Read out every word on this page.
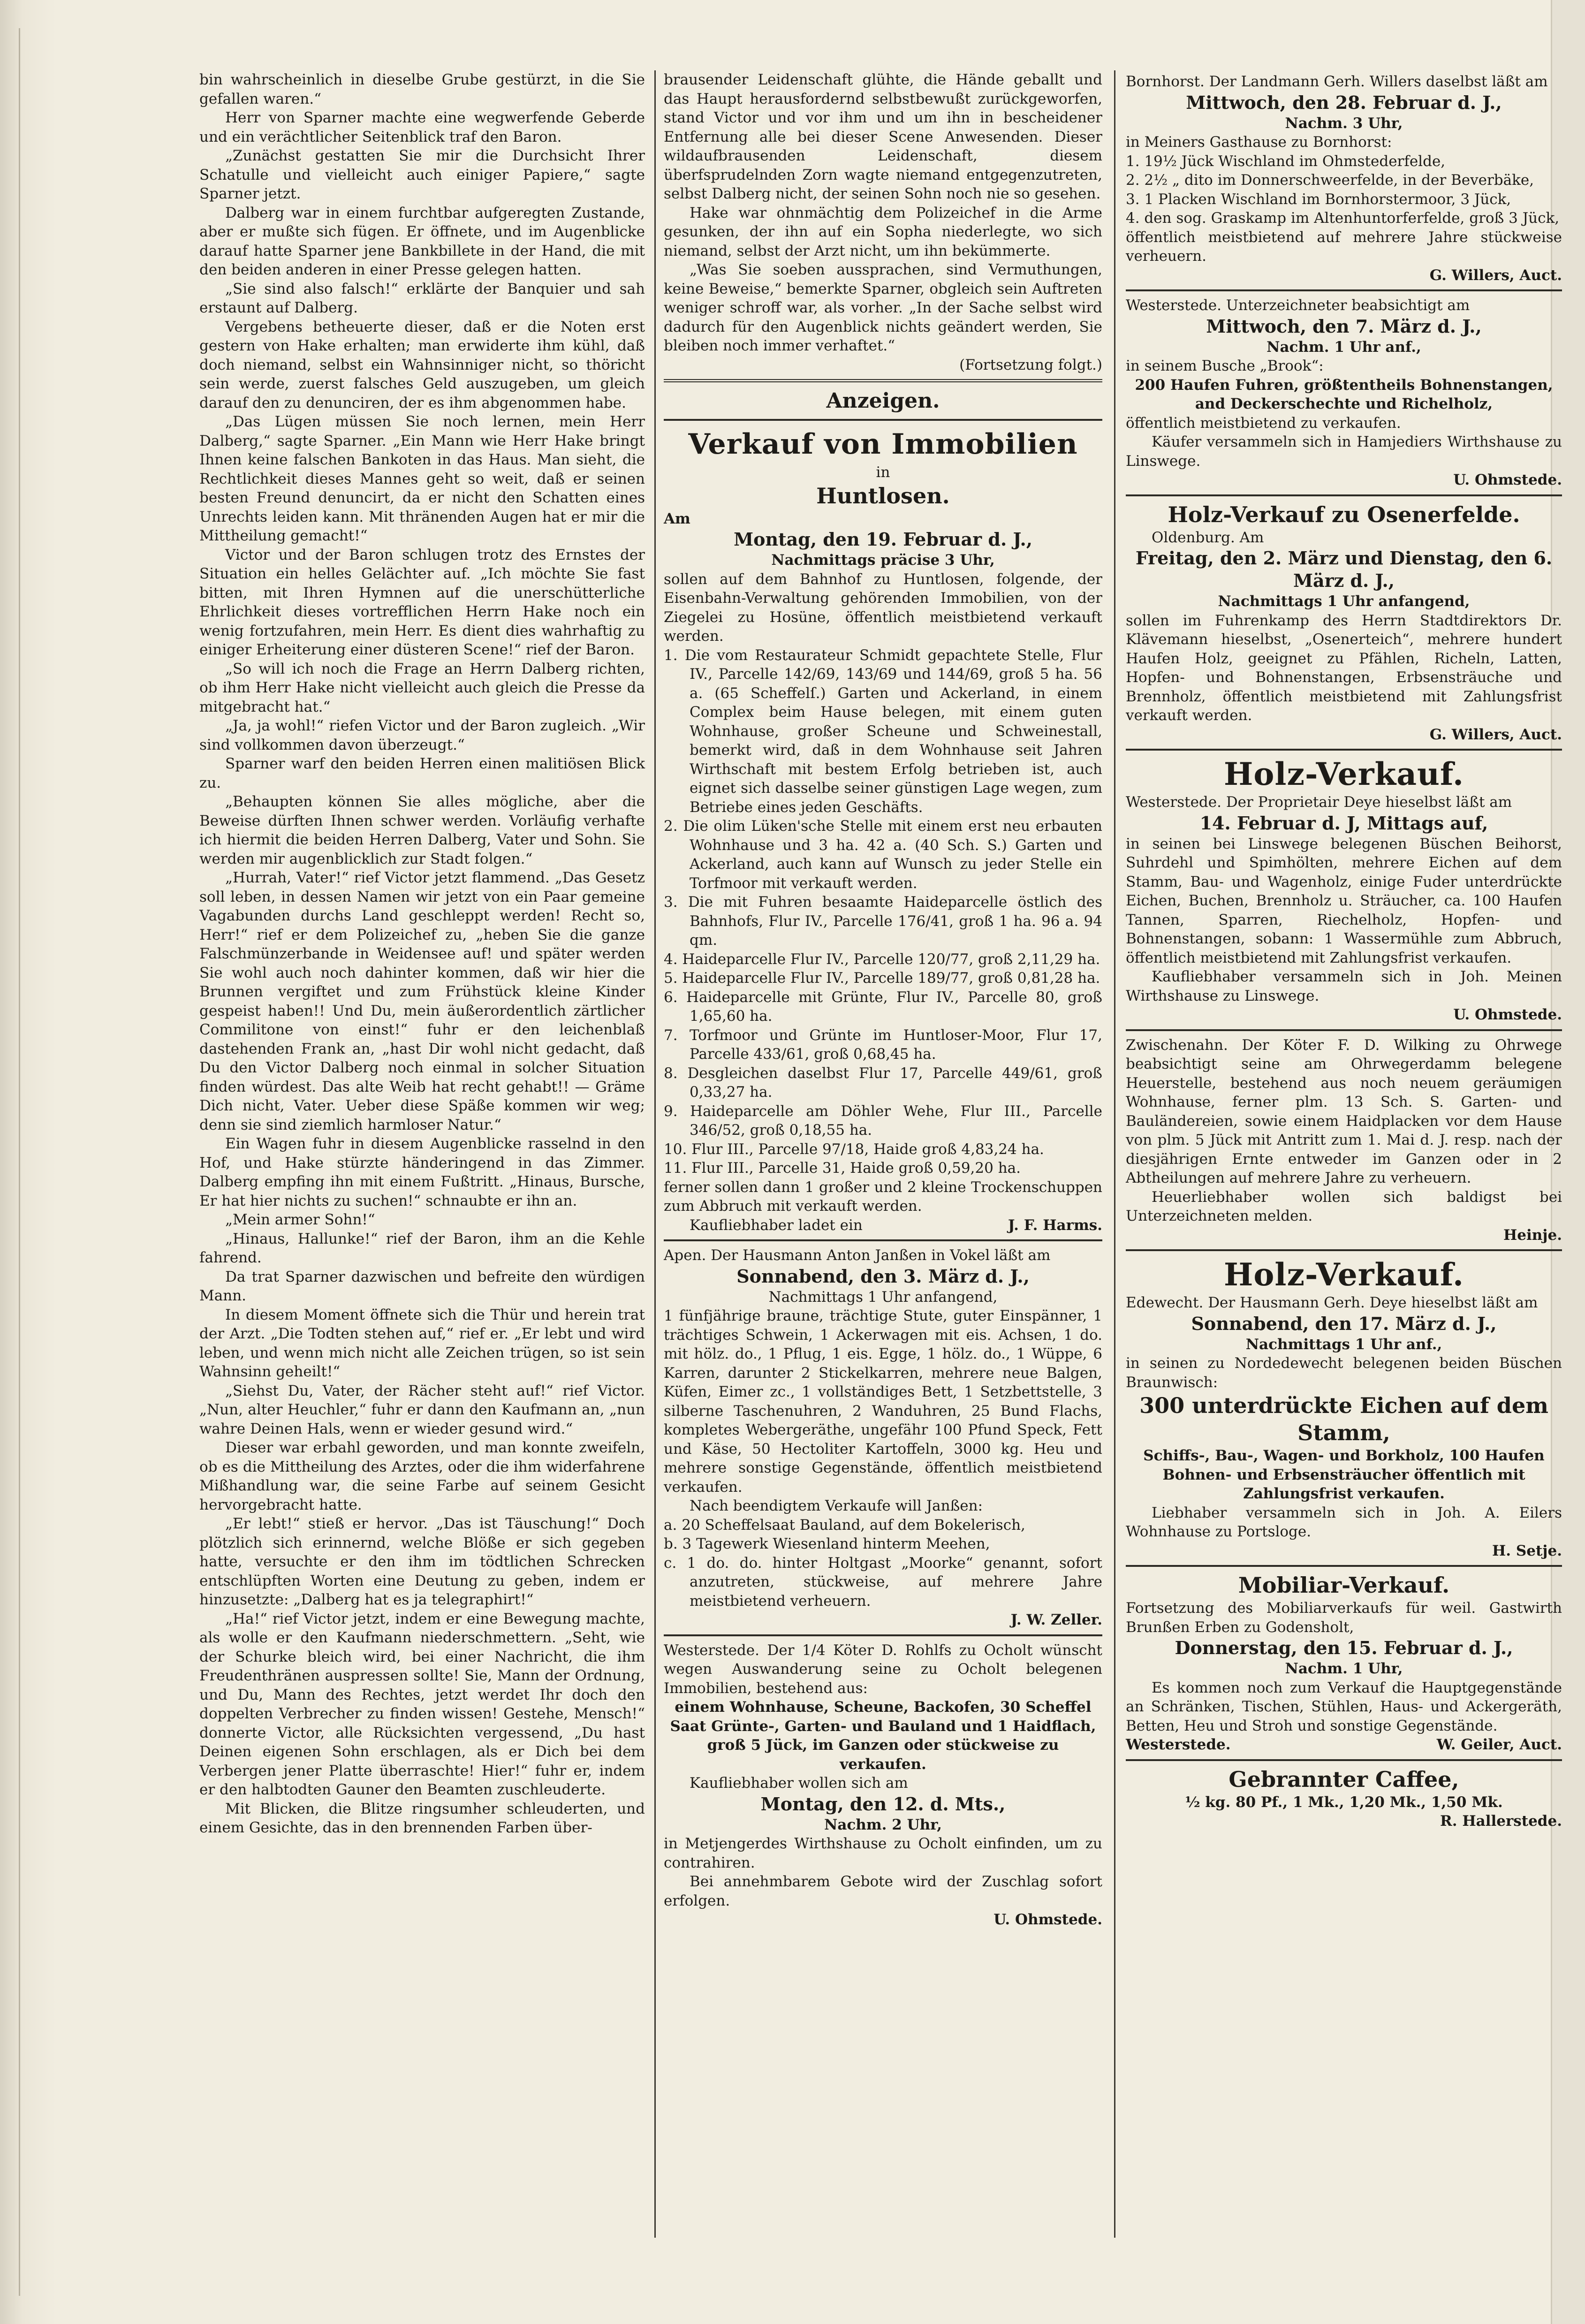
bin wahrscheinlich in dieselbe Grube gestürzt, in die Sie gefallen waren.“

Herr von Sparner machte eine wegwerfende Geberde und ein verächtlicher Seitenblick traf den Baron.

„Zunächst gestatten Sie mir die Durchsicht Ihrer Schatulle und vielleicht auch einiger Papiere,“ sagte Sparner jetzt.

Dalberg war in einem furchtbar aufgeregten Zustande, aber er mußte sich fügen. Er öffnete, und im Augenblicke darauf hatte Sparner jene Bankbillete in der Hand, die mit den beiden anderen in einer Presse gelegen hatten.

„Sie sind also falsch!“ erklärte der Banquier und sah erstaunt auf Dalberg.

Vergebens betheuerte dieser, daß er die Noten erst gestern von Hake erhalten; man erwiderte ihm kühl, daß doch niemand, selbst ein Wahnsinniger nicht, so thöricht sein werde, zuerst falsches Geld auszugeben, um gleich darauf den zu denunciren, der es ihm abgenommen habe.

„Das Lügen müssen Sie noch lernen, mein Herr Dalberg,“ sagte Sparner. „Ein Mann wie Herr Hake bringt Ihnen keine falschen Bankoten in das Haus. Man sieht, die Rechtlichkeit dieses Mannes geht so weit, daß er seinen besten Freund denuncirt, da er nicht den Schatten eines Unrechts leiden kann. Mit thränenden Augen hat er mir die Mittheilung gemacht!“

Victor und der Baron schlugen trotz des Ernstes der Situation ein helles Gelächter auf. „Ich möchte Sie fast bitten, mit Ihren Hymnen auf die unerschütterliche Ehrlichkeit dieses vortrefflichen Herrn Hake noch ein wenig fortzufahren, mein Herr. Es dient dies wahrhaftig zu einiger Erheiterung einer düsteren Scene!“ rief der Baron.

„So will ich noch die Frage an Herrn Dalberg richten, ob ihm Herr Hake nicht vielleicht auch gleich die Presse da mitgebracht hat.“

„Ja, ja wohl!“ riefen Victor und der Baron zugleich. „Wir sind vollkommen davon überzeugt.“

Sparner warf den beiden Herren einen malitiösen Blick zu.

„Behaupten können Sie alles mögliche, aber die Beweise dürften Ihnen schwer werden. Vorläufig verhafte ich hiermit die beiden Herren Dalberg, Vater und Sohn. Sie werden mir augenblicklich zur Stadt folgen.“

„Hurrah, Vater!“ rief Victor jetzt flammend. „Das Gesetz soll leben, in dessen Namen wir jetzt von ein Paar gemeine Vagabunden durchs Land geschleppt werden! Recht so, Herr!“ rief er dem Polizeichef zu, „heben Sie die ganze Falschmünzerbande in Weidensee auf! und später werden Sie wohl auch noch dahinter kommen, daß wir hier die Brunnen vergiftet und zum Frühstück kleine Kinder gespeist haben!! Und Du, mein äußerordentlich zärtlicher Commilitone von einst!“ fuhr er den leichenblaß dastehenden Frank an, „hast Dir wohl nicht gedacht, daß Du den Victor Dalberg noch einmal in solcher Situation finden würdest. Das alte Weib hat recht gehabt!! — Gräme Dich nicht, Vater. Ueber diese Späße kommen wir weg; denn sie sind ziemlich harmloser Natur.“

Ein Wagen fuhr in diesem Augenblicke rasselnd in den Hof, und Hake stürzte händeringend in das Zimmer. Dalberg empfing ihn mit einem Fußtritt. „Hinaus, Bursche, Er hat hier nichts zu suchen!“ schnaubte er ihn an.

„Mein armer Sohn!“

„Hinaus, Hallunke!“ rief der Baron, ihm an die Kehle fahrend.

Da trat Sparner dazwischen und befreite den würdigen Mann.

In diesem Moment öffnete sich die Thür und herein trat der Arzt. „Die Todten stehen auf,“ rief er. „Er lebt und wird leben, und wenn mich nicht alle Zeichen trügen, so ist sein Wahnsinn geheilt!“

„Siehst Du, Vater, der Rächer steht auf!“ rief Victor. „Nun, alter Heuchler,“ fuhr er dann den Kaufmann an, „nun wahre Deinen Hals, wenn er wieder gesund wird.“

Dieser war erbahl geworden, und man konnte zweifeln, ob es die Mittheilung des Arztes, oder die ihm widerfahrene Mißhandlung war, die seine Farbe auf seinem Gesicht hervorgebracht hatte.

„Er lebt!“ stieß er hervor. „Das ist Täuschung!“ Doch plötzlich sich erinnernd, welche Blöße er sich gegeben hatte, versuchte er den ihm im tödtlichen Schrecken entschlüpften Worten eine Deutung zu geben, indem er hinzusetzte: „Dalberg hat es ja telegraphirt!“

„Ha!“ rief Victor jetzt, indem er eine Bewegung machte, als wolle er den Kaufmann niederschmettern. „Seht, wie der Schurke bleich wird, bei einer Nachricht, die ihm Freudenthränen auspressen sollte! Sie, Mann der Ordnung, und Du, Mann des Rechtes, jetzt werdet Ihr doch den doppelten Verbrecher zu finden wissen! Gestehe, Mensch!“ donnerte Victor, alle Rücksichten vergessend, „Du hast Deinen eigenen Sohn erschlagen, als er Dich bei dem Verbergen jener Platte überraschte! Hier!“ fuhr er, indem er den halbtodten Gauner den Beamten zuschleuderte.

Mit Blicken, die Blitze ringsumher schleuderten, und einem Gesichte, das in den brennenden Farben über-

brausender Leidenschaft glühte, die Hände geballt und das Haupt herausfordernd selbstbewußt zurückgeworfen, stand Victor und vor ihm und um ihn in bescheidener Entfernung alle bei dieser Scene Anwesenden. Dieser wildaufbrausenden Leidenschaft, diesem überfsprudelnden Zorn wagte niemand entgegenzutreten, selbst Dalberg nicht, der seinen Sohn noch nie so gesehen.

Hake war ohnmächtig dem Polizeichef in die Arme gesunken, der ihn auf ein Sopha niederlegte, wo sich niemand, selbst der Arzt nicht, um ihn bekümmerte.

„Was Sie soeben aussprachen, sind Vermuthungen, keine Beweise,“ bemerkte Sparner, obgleich sein Auftreten weniger schroff war, als vorher. „In der Sache selbst wird dadurch für den Augenblick nichts geändert werden, Sie bleiben noch immer verhaftet.“

(Fortsetzung folgt.)

Anzeigen.

Verkauf von Immobilien

in

Huntlosen.

Am

Montag, den 19. Februar d. J.,

Nachmittags präcise 3 Uhr,

sollen auf dem Bahnhof zu Huntlosen, folgende, der Eisenbahn-Verwaltung gehörenden Immobilien, von der Ziegelei zu Hosüne, öffentlich meistbietend verkauft werden.

1. Die vom Restaurateur Schmidt gepachtete Stelle, Flur IV., Parcelle 142/69, 143/69 und 144/69, groß 5 ha. 56 a. (65 Scheffelſ.) Garten und Ackerland, in einem Complex beim Hause belegen, mit einem guten Wohnhause, großer Scheune und Schweinestall, bemerkt wird, daß in dem Wohnhause seit Jahren Wirthschaft mit bestem Erfolg betrieben ist, auch eignet sich dasselbe seiner günstigen Lage wegen, zum Betriebe eines jeden Geschäfts.

2. Die olim Lüken'sche Stelle mit einem erst neu erbauten Wohnhause und 3 ha. 42 a. (40 Sch. S.) Garten und Ackerland, auch kann auf Wunsch zu jeder Stelle ein Torfmoor mit verkauft werden.

3. Die mit Fuhren besaamte Haideparcelle östlich des Bahnhofs, Flur IV., Parcelle 176/41, groß 1 ha. 96 a. 94 qm.

4. Haideparcelle Flur IV., Parcelle 120/77, groß 2,11,29 ha.

5. Haideparcelle Flur IV., Parcelle 189/77, groß 0,81,28 ha.

6. Haideparcelle mit Grünte, Flur IV., Parcelle 80, groß 1,65,60 ha.

7. Torfmoor und Grünte im Huntloser-Moor, Flur 17, Parcelle 433/61, groß 0,68,45 ha.

8. Desgleichen daselbst Flur 17, Parcelle 449/61, groß 0,33,27 ha.

9. Haideparcelle am Döhler Wehe, Flur III., Parcelle 346/52, groß 0,18,55 ha.

10. Flur III., Parcelle 97/18, Haide groß 4,83,24 ha.

11. Flur III., Parcelle 31, Haide groß 0,59,20 ha.

ferner sollen dann 1 großer und 2 kleine Trockenschuppen zum Abbruch mit verkauft werden.

Kaufliebhaber ladet ein	J. F. Harms.

Apen. Der Hausmann Anton Janßen in Vokel läßt am

Sonnabend, den 3. März d. J.,

Nachmittags 1 Uhr anfangend,

1 fünfjährige braune, trächtige Stute, guter Einspänner, 1 trächtiges Schwein, 1 Ackerwagen mit eis. Achsen, 1 do. mit hölz. do., 1 Pflug, 1 eis. Egge, 1 hölz. do., 1 Wüppe, 6 Karren, darunter 2 Stickelkarren, mehrere neue Balgen, Küfen, Eimer zc., 1 vollständiges Bett, 1 Setzbettstelle, 3 silberne Taschenuhren, 2 Wanduhren, 25 Bund Flachs, kompletes Webergeräthe, ungefähr 100 Pfund Speck, Fett und Käse, 50 Hectoliter Kartoffeln, 3000 kg. Heu und mehrere sonstige Gegenstände, öffentlich meistbietend verkaufen.

Nach beendigtem Verkaufe will Janßen:

a. 20 Scheffelsaat Bauland, auf dem Bokelerisch,

b. 3 Tagewerk Wiesenland hinterm Meehen,

c. 1 do. do. hinter Holtgast „Moorke“ genannt, sofort anzutreten, stückweise, auf mehrere Jahre meistbietend verheuern.

J. W. Zeller.

Westerstede. Der 1/4 Köter D. Rohlfs zu Ocholt wünscht wegen Auswanderung seine zu Ocholt belegenen Immobilien, bestehend aus:

einem Wohnhause, Scheune, Backofen, 30 Scheffel Saat Grünte-, Garten- und Bauland und 1 Haidflach, groß 5 Jück, im Ganzen oder stückweise zu verkaufen.

Kaufliebhaber wollen sich am

Montag, den 12. d. Mts.,

Nachm. 2 Uhr,

in Metjengerdes Wirthshause zu Ocholt einfinden, um zu contrahiren.

Bei annehmbarem Gebote wird der Zuschlag sofort erfolgen.

U. Ohmstede.

Bornhorst. Der Landmann Gerh. Willers daselbst läßt am

Mittwoch, den 28. Februar d. J.,

Nachm. 3 Uhr,

in Meiners Gasthause zu Bornhorst:

1. 19½ Jück Wischland im Ohmstederfelde,

2. 2½ „ dito im Donnerschweerfelde, in der Beverbäke,

3. 1 Placken Wischland im Bornhorstermoor, 3 Jück,

4. den sog. Graskamp im Altenhuntorferfelde, groß 3 Jück,

öffentlich meistbietend auf mehrere Jahre stückweise verheuern.

G. Willers, Auct.

Westerstede. Unterzeichneter beabsichtigt am

Mittwoch, den 7. März d. J.,

Nachm. 1 Uhr anf.,

in seinem Busche „Brook“:

200 Haufen Fuhren, größtentheils Bohnenstangen, and Deckerschechte und Richelholz,

öffentlich meistbietend zu verkaufen.

Käufer versammeln sich in Hamjediers Wirthshause zu Linswege.

U. Ohmstede.

Holz-Verkauf zu Osenerfelde.

Oldenburg. Am

Freitag, den 2. März und Dienstag, den 6. März d. J.,

Nachmittags 1 Uhr anfangend,

sollen im Fuhrenkamp des Herrn Stadtdirektors Dr. Klävemann hieselbst, „Osenerteich“, mehrere hundert Haufen Holz, geeignet zu Pfählen, Richeln, Latten, Hopfen- und Bohnenstangen, Erbsensträuche und Brennholz, öffentlich meistbietend mit Zahlungsfrist verkauft werden.

G. Willers, Auct.

Holz-Verkauf.

Westerstede. Der Proprietair Deye hieselbst läßt am

14. Februar d. J, Mittags auf,

in seinen bei Linswege belegenen Büschen Beihorst, Suhrdehl und Spimhölten, mehrere Eichen auf dem Stamm, Bau- und Wagenholz, einige Fuder unterdrückte Eichen, Buchen, Brennholz u. Sträucher, ca. 100 Haufen Tannen, Sparren, Riechelholz, Hopfen- und Bohnenstangen, sobann: 1 Wassermühle zum Abbruch, öffentlich meistbietend mit Zahlungsfrist verkaufen.

Kaufliebhaber versammeln sich in Joh. Meinen Wirthshause zu Linswege.

U. Ohmstede.

Zwischenahn. Der Köter F. D. Wilking zu Ohrwege beabsichtigt seine am Ohrwegerdamm belegene Heuerstelle, bestehend aus noch neuem geräumigen Wohnhause, ferner plm. 13 Sch. S. Garten- und Bauländereien, sowie einem Haidplacken vor dem Hause von plm. 5 Jück mit Antritt zum 1. Mai d. J. resp. nach der diesjährigen Ernte entweder im Ganzen oder in 2 Abtheilungen auf mehrere Jahre zu verheuern.

Heuerliebhaber wollen sich baldigst bei Unterzeichneten melden.

Heinje.

Holz-Verkauf.

Edewecht. Der Hausmann Gerh. Deye hieselbst läßt am

Sonnabend, den 17. März d. J.,

Nachmittags 1 Uhr anf.,

in seinen zu Nordedewecht belegenen beiden Büschen Braunwisch:

300 unterdrückte Eichen auf dem Stamm,

Schiffs-, Bau-, Wagen- und Borkholz, 100 Haufen Bohnen- und Erbsensträucher öffentlich mit Zahlungsfrist verkaufen.

Liebhaber versammeln sich in Joh. A. Eilers Wohnhause zu Portsloge.

H. Setje.

Mobiliar-Verkauf.

Fortsetzung des Mobiliarverkaufs für weil. Gastwirth Brunßen Erben zu Godensholt,

Donnerstag, den 15. Februar d. J.,

Nachm. 1 Uhr,

Es kommen noch zum Verkauf die Hauptgegenstände an Schränken, Tischen, Stühlen, Haus- und Ackergeräth, Betten, Heu und Stroh und sonstige Gegenstände.

Westerstede.	W. Geiler, Auct.

Gebrannter Caffee,

½ kg. 80 Pf., 1 Mk., 1,20 Mk., 1,50 Mk.

R. Hallerstede.
